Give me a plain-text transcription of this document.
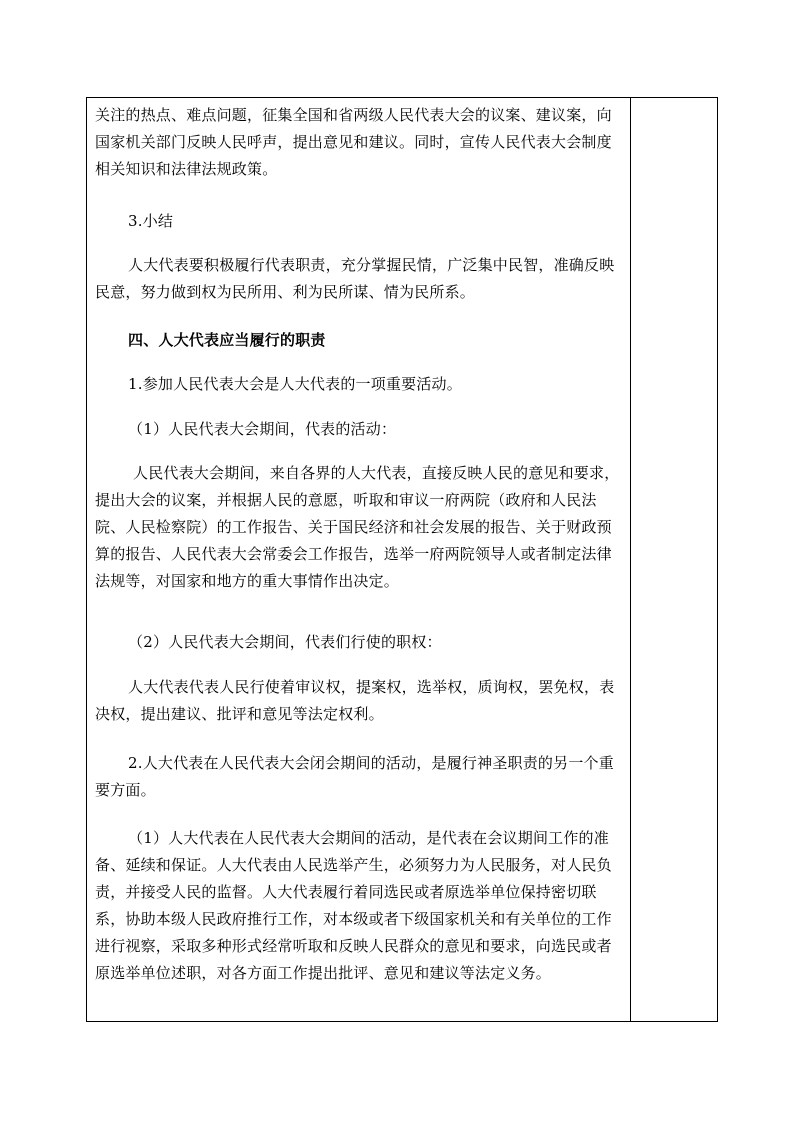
关注的热点、难点问题，征集全国和省两级人民代表大会的议案、建议案，向国家机关部门反映人民呼声，提出意见和建议。同时，宣传人民代表大会制度相关知识和法律法规政策。

3.小结

人大代表要积极履行代表职责，充分掌握民情，广泛集中民智，准确反映民意，努力做到权为民所用、利为民所谋、情为民所系。

四、人大代表应当履行的职责

1.参加人民代表大会是人大代表的一项重要活动。

（1）人民代表大会期间，代表的活动：

人民代表大会期间，来自各界的人大代表，直接反映人民的意见和要求，提出大会的议案，并根据人民的意愿，听取和审议一府两院（政府和人民法院、人民检察院）的工作报告、关于国民经济和社会发展的报告、关于财政预算的报告、人民代表大会常委会工作报告，选举一府两院领导人或者制定法律法规等，对国家和地方的重大事情作出决定。

（2）人民代表大会期间，代表们行使的职权：

人大代表代表人民行使着审议权，提案权，选举权，质询权，罢免权，表决权，提出建议、批评和意见等法定权利。

2.人大代表在人民代表大会闭会期间的活动，是履行神圣职责的另一个重要方面。

（1）人大代表在人民代表大会期间的活动，是代表在会议期间工作的准备、延续和保证。人大代表由人民选举产生，必须努力为人民服务，对人民负责，并接受人民的监督。人大代表履行着同选民或者原选举单位保持密切联系，协助本级人民政府推行工作，对本级或者下级国家机关和有关单位的工作进行视察，采取多种形式经常听取和反映人民群众的意见和要求，向选民或者原选举单位述职，对各方面工作提出批评、意见和建议等法定义务。
